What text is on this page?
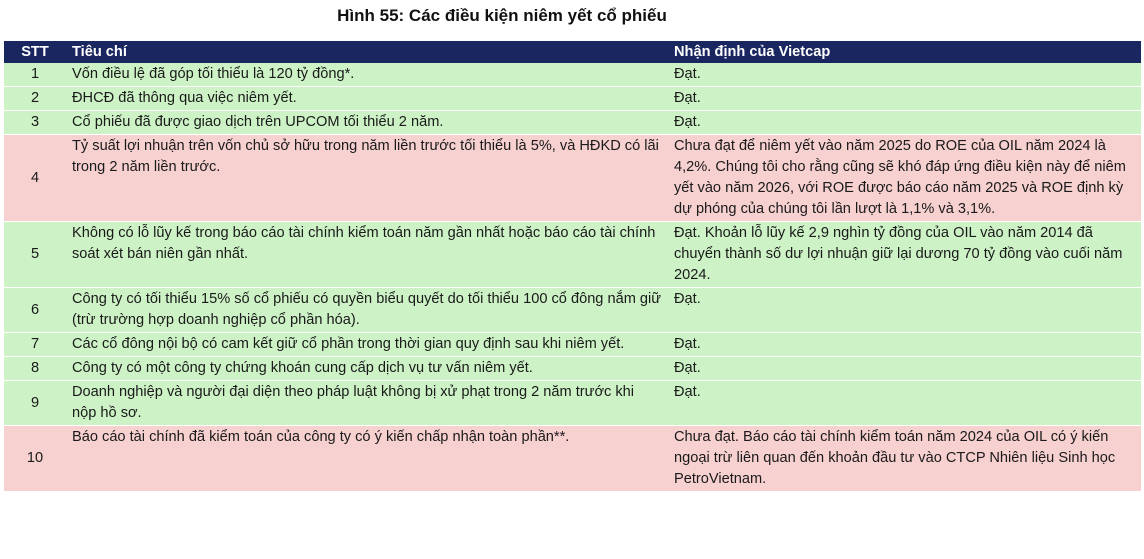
Hình 55: Các điều kiện niêm yết cổ phiếu
STT	Tiêu chí	Nhận định của Vietcap
1	Vốn điều lệ đã góp tối thiểu là 120 tỷ đồng*.	Đạt.
2	ĐHCĐ đã thông qua việc niêm yết.	Đạt.
3	Cổ phiếu đã được giao dịch trên UPCOM tối thiểu 2 năm.	Đạt.
4	Tỷ suất lợi nhuận trên vốn chủ sở hữu trong năm liền trước tối thiểu là 5%, và HĐKD có lãi trong 2 năm liền trước.	Chưa đạt để niêm yết vào năm 2025 do ROE của OIL năm 2024 là 4,2%. Chúng tôi cho rằng cũng sẽ khó đáp ứng điều kiện này để niêm yết vào năm 2026, với ROE được báo cáo năm 2025 và ROE định kỳ dự phóng của chúng tôi lần lượt là 1,1% và 3,1%.
5	Không có lỗ lũy kế trong báo cáo tài chính kiểm toán năm gần nhất hoặc báo cáo tài chính soát xét bán niên gần nhất.	Đạt. Khoản lỗ lũy kế 2,9 nghìn tỷ đồng của OIL vào năm 2014 đã chuyển thành số dư lợi nhuận giữ lại dương 70 tỷ đồng vào cuối năm 2024.
6	Công ty có tối thiểu 15% số cổ phiếu có quyền biểu quyết do tối thiểu 100 cổ đông nắm giữ (trừ trường hợp doanh nghiệp cổ phần hóa).	Đạt.
7	Các cổ đông nội bộ có cam kết giữ cổ phần trong thời gian quy định sau khi niêm yết.	Đạt.
8	Công ty có một công ty chứng khoán cung cấp dịch vụ tư vấn niêm yết.	Đạt.
9	Doanh nghiệp và người đại diện theo pháp luật không bị xử phạt trong 2 năm trước khi nộp hồ sơ.	Đạt.
10	Báo cáo tài chính đã kiểm toán của công ty có ý kiến chấp nhận toàn phần**.	Chưa đạt. Báo cáo tài chính kiểm toán năm 2024 của OIL có ý kiến ngoại trừ liên quan đến khoản đầu tư vào CTCP Nhiên liệu Sinh học PetroVietnam.
